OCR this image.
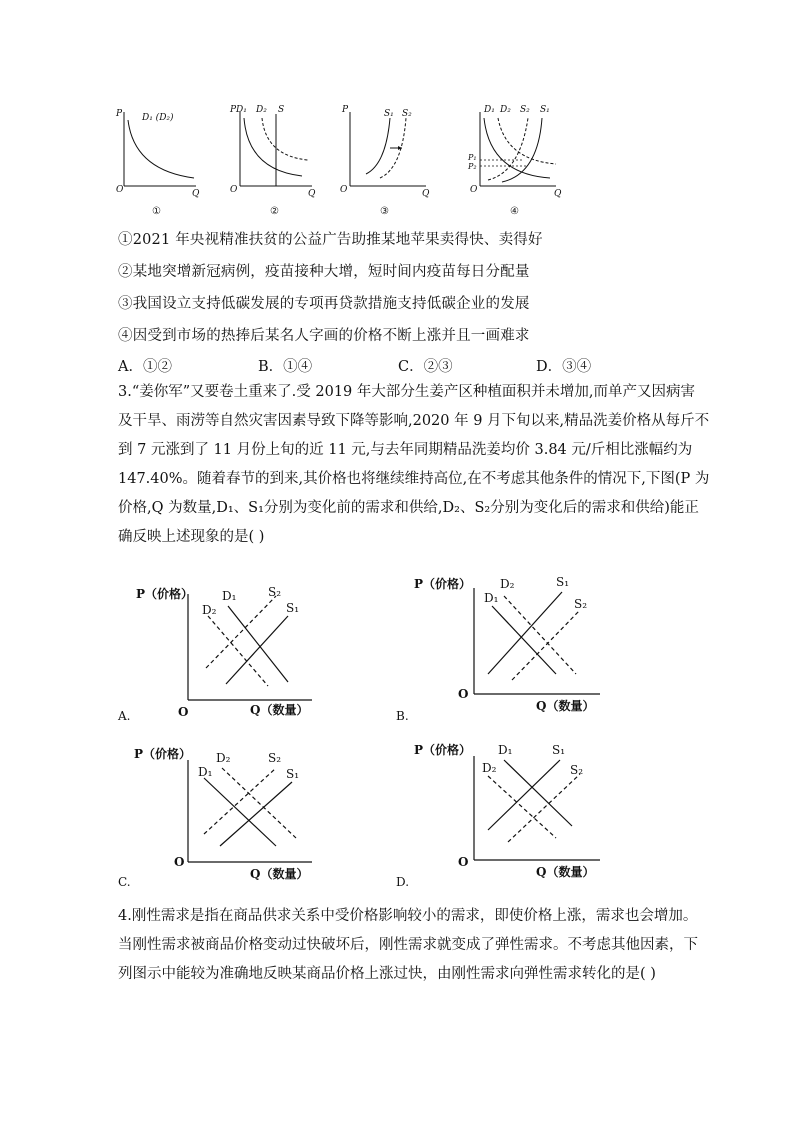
P
O	Q
D₁ (D₂)
①
P
O	Q
D₁ D₂ S
②
P
O	Q
S₁ S₂
③
O	Q
D₁ D₂ S₂ S₁
P₁
P₂
④
①2021 年央视精准扶贫的公益广告助推某地苹果卖得快、卖得好
②某地突增新冠病例，疫苗接种大增，短时间内疫苗每日分配量
③我国设立支持低碳发展的专项再贷款措施支持低碳企业的发展
④因受到市场的热捧后某名人字画的价格不断上涨并且一画难求
A．①②	B．①④	C．②③	D．③④
3.“姜你军”又要卷土重来了.受 2019 年大部分生姜产区种植面积并未增加,而单产又因病害
及干旱、雨涝等自然灾害因素导致下降等影响,2020 年 9 月下旬以来,精品洗姜价格从每斤不
到 7 元涨到了 11 月份上旬的近 11 元,与去年同期精品洗姜均价 3.84 元/斤相比涨幅约为
147.40%。随着春节的到来,其价格也将继续维持高位,在不考虑其他条件的情况下,下图(P 为
价格,Q 为数量,D₁、S₁分别为变化前的需求和供给,D₂、S₂分别为变化后的需求和供给)能正
确反映上述现象的是( )
P（价格）
O	Q（数量）
D₁
D₂
S₂
S₁
A.
P（价格）
O
Q（数量）
D₂
D₁
S₁
S₂
B.
P（价格）
O
Q（数量）
D₂
D₁
S₂
S₁
C.
P（价格）
O
Q（数量）
D₁
D₂
S₁
S₂
D.
4.刚性需求是指在商品供求关系中受价格影响较小的需求，即使价格上涨，需求也会增加。
当刚性需求被商品价格变动过快破坏后，刚性需求就变成了弹性需求。不考虑其他因素，下
列图示中能较为准确地反映某商品价格上涨过快，由刚性需求向弹性需求转化的是( )
